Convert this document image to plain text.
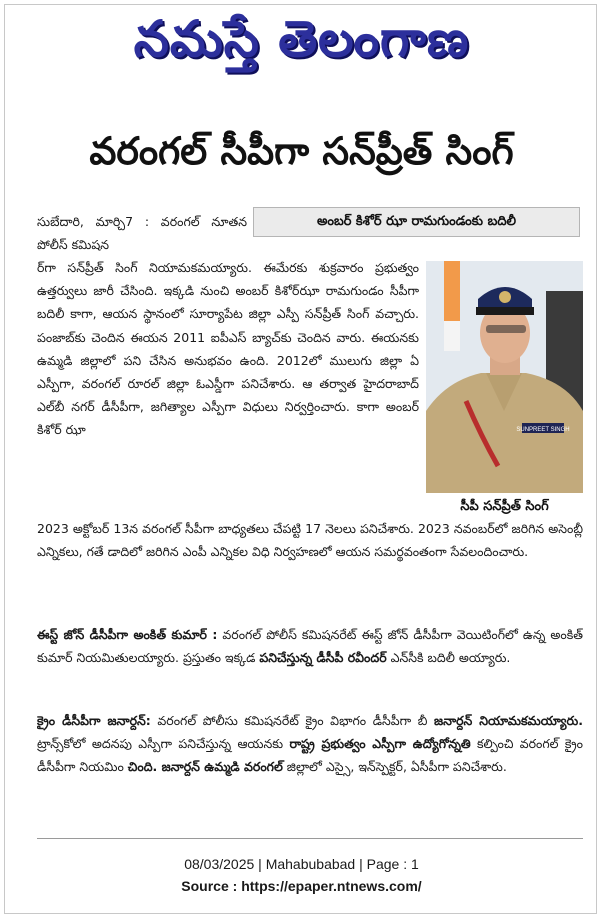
నమస్తే తెలంగాణ
వరంగల్ సీపీగా సన్‌ప్రీత్ సింగ్
అంబర్ కిశోర్ ఝా రామగుండంకు బదిలీ

సుబేదారి, మార్చి7 : వరంగల్ నూతన పోలీస్ కమిషన

ర్‌గా సన్‌ప్రీత్ సింగ్ నియామకమయ్యారు. ఈమేరకు శుక్రవారం ప్రభుత్వం ఉత్తర్వులు జారీ చేసింది. ఇక్కడి నుంచి అంబర్ కిశోర్‌ఝా రామగుండం సీపీగా బదిలీ కాగా, ఆయన స్థానంలో సూర్యాపేట జిల్లా ఎస్పీ సన్‌ప్రీత్ సింగ్ వచ్చారు. పంజాబ్‌కు చెందిన ఈయన 2011 ఐపీఎస్ బ్యాచ్‌కు చెందిన వారు. ఈయనకు ఉమ్మడి జిల్లాలో పని చేసిన అనుభవం ఉంది. 2012లో ములుగు జిల్లా ఏ ఎస్పీగా, వరంగల్ రూరల్ జిల్లా ఓఎస్డీగా పనిచేశారు. ఆ తర్వాత హైదరాబాద్ ఎల్‌బీ నగర్ డీసీపీగా, జగిత్యాల ఎస్పీగా విధులు నిర్వర్తించారు. కాగా అంబర్ కిశోర్ ఝా	SUNPREET SINGH
సీపీ సన్‌ప్రీత్ సింగ్

2023 అక్టోబర్ 13న వరంగల్ సీపీగా బాధ్యతలు చేపట్టి 17 నెలలు పనిచేశారు. 2023 నవంబర్‌లో జరిగిన అసెంబ్లీ ఎన్నికలు, గతే డాదిలో జరిగిన ఎంపీ ఎన్నికల విధి నిర్వహణలో ఆయన సమర్థవంతంగా సేవలందించారు.

ఈస్ట్ జోన్ డీసీపీగా అంకిత్ కుమార్ : వరంగల్ పోలీస్ కమిషనరేట్ ఈస్ట్ జోన్ డీసీపీగా వెయిటింగ్‌లో ఉన్న అంకిత్ కుమార్ నియమితులయ్యారు. ప్రస్తుతం ఇక్కడ పనిచేస్తున్న డీసీపీ రవీందర్ ఎన్‌సీకి బదిలీ అయ్యారు.

క్రైం డీసీపీగా జనార్దన్: వరంగల్ పోలీసు కమిషనరేట్ క్రైం విభాగం డీసీపీగా బీ జనార్దన్ నియామకమయ్యారు. ట్రాన్స్‌కోలో అదనపు ఎస్పీగా పనిచేస్తున్న ఆయనకు రాష్ట్ర ప్రభుత్వం ఎస్పీగా ఉద్యోగోన్నతి కల్పించి వరంగల్ క్రైం డీసీపీగా నియమిం చింది. జనార్దన్ ఉమ్మడి వరంగల్ జిల్లాలో ఎస్సై, ఇన్‌స్పెక్టర్, ఏసీపీగా పనిచేశారు.

08/03/2025 | Mahabubabad | Page : 1
Source : https://epaper.ntnews.com/
